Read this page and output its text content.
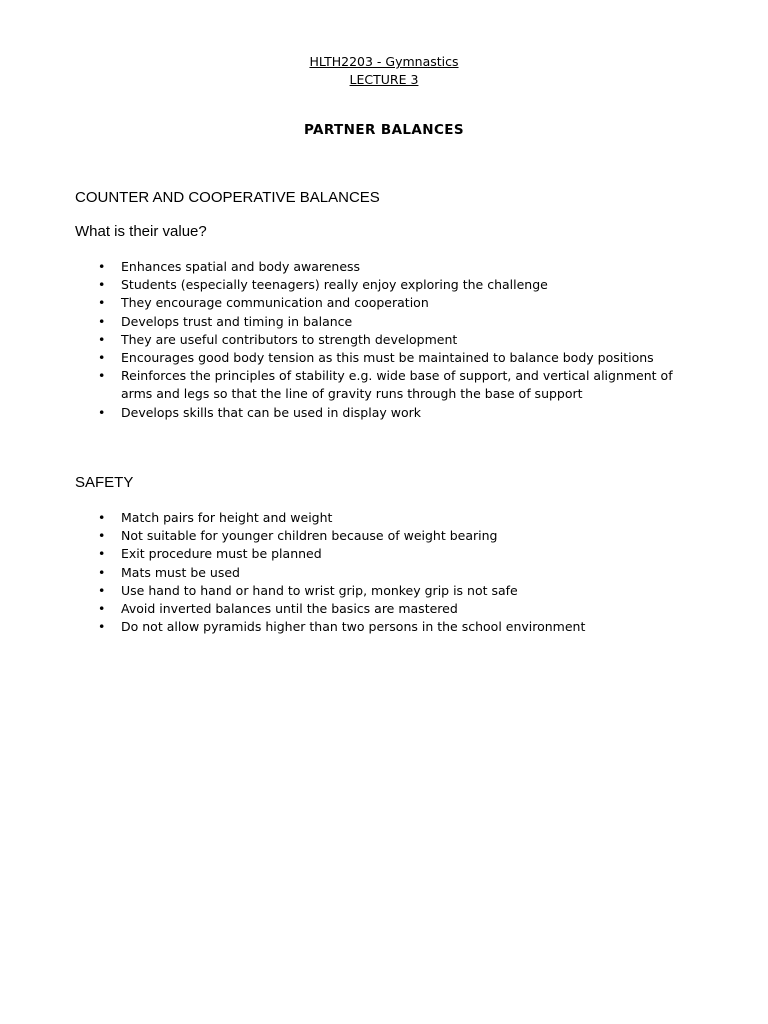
HLTH2203 - Gymnastics
LECTURE 3
PARTNER BALANCES
COUNTER AND COOPERATIVE BALANCES
What is their value?
• Enhances spatial and body awareness
• Students (especially teenagers) really enjoy exploring the challenge
• They encourage communication and cooperation
• Develops trust and timing in balance
• They are useful contributors to strength development
• Encourages good body tension as this must be maintained to balance body positions
• Reinforces the principles of stability e.g. wide base of support, and vertical alignment of arms and legs so that the line of gravity runs through the base of support
• Develops skills that can be used in display work
SAFETY
• Match pairs for height and weight
• Not suitable for younger children because of weight bearing
• Exit procedure must be planned
• Mats must be used
• Use hand to hand or hand to wrist grip, monkey grip is not safe
• Avoid inverted balances until the basics are mastered
• Do not allow pyramids higher than two persons in the school environment
